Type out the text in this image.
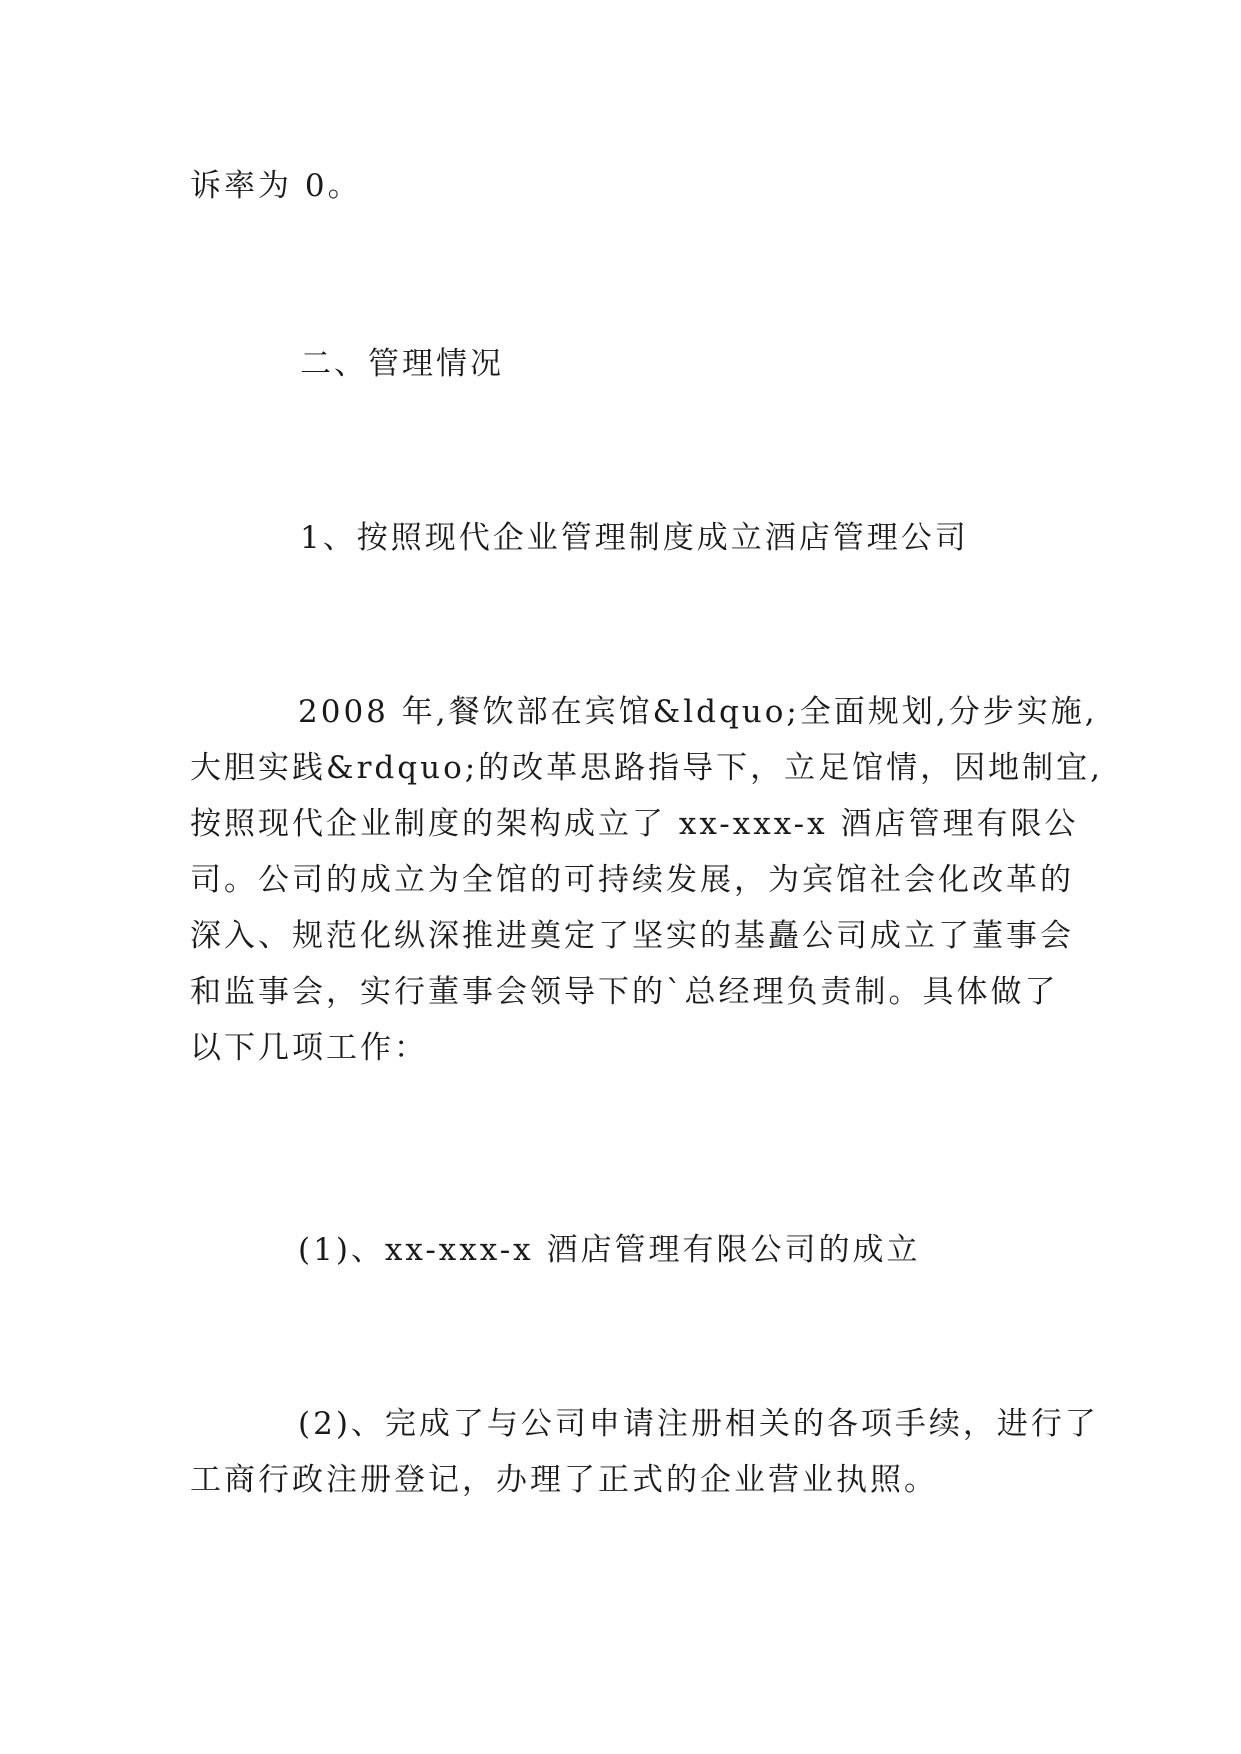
诉率为 0。

二、管理情况

1、按照现代企业管理制度成立酒店管理公司

2008 年,餐饮部在宾馆&ldquo;全面规划,分步实施,
大胆实践&rdquo;的改革思路指导下，立足馆情，因地制宜,
按照现代企业制度的架构成立了 xx-xxx-x 酒店管理有限公
司。公司的成立为全馆的可持续发展，为宾馆社会化改革的
深入、规范化纵深推进奠定了坚实的基矗公司成立了董事会
和监事会，实行董事会领导下的`总经理负责制。具体做了
以下几项工作：

(1)、xx-xxx-x 酒店管理有限公司的成立

(2)、完成了与公司申请注册相关的各项手续，进行了
工商行政注册登记，办理了正式的企业营业执照。
